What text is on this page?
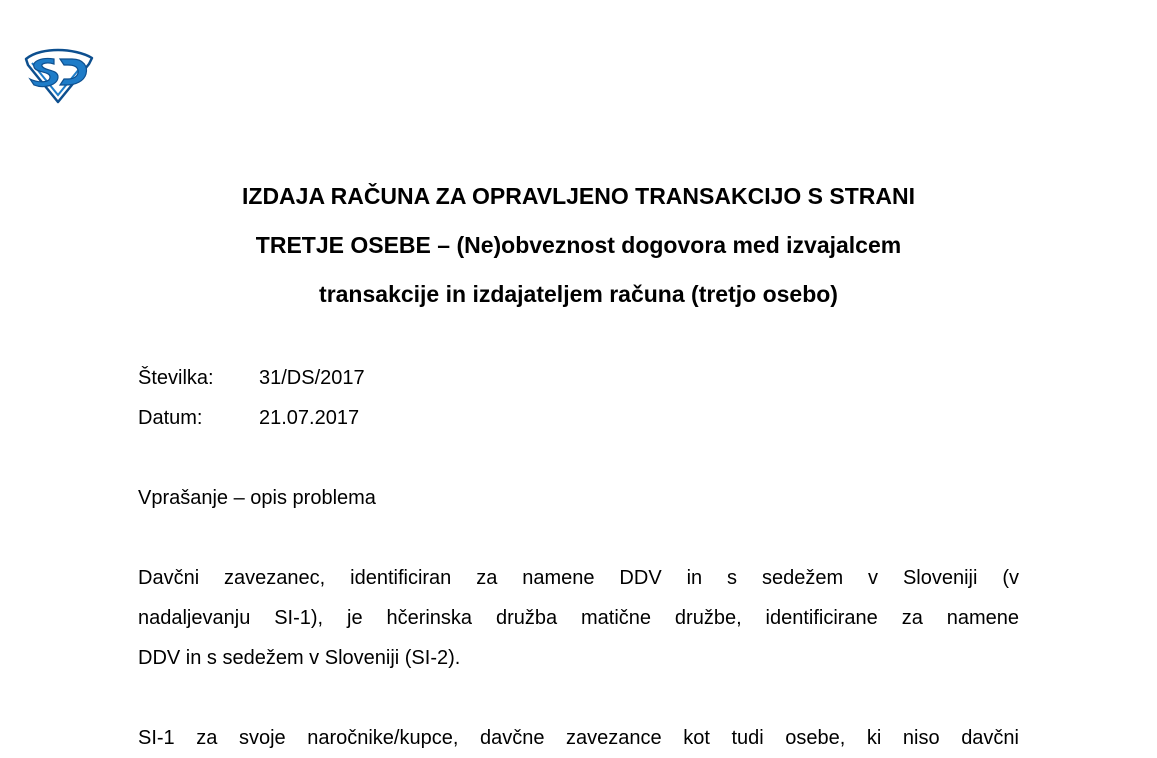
IZDAJA RAČUNA ZA OPRAVLJENO TRANSAKCIJO S STRANI
TRETJE OSEBE – (Ne)obveznost dogovora med izvajalcem
transakcije in izdajateljem računa (tretjo osebo)
Številka:	31/DS/2017
Datum:	21.07.2017
Vprašanje – opis problema
Davčni zavezanec, identificiran za namene DDV in s sedežem v Sloveniji (v
nadaljevanju SI-1), je hčerinska družba matične družbe, identificirane za namene
DDV in s sedežem v Sloveniji (SI-2).
SI-1 za svoje naročnike/kupce, davčne zavezance kot tudi osebe, ki niso davčni
